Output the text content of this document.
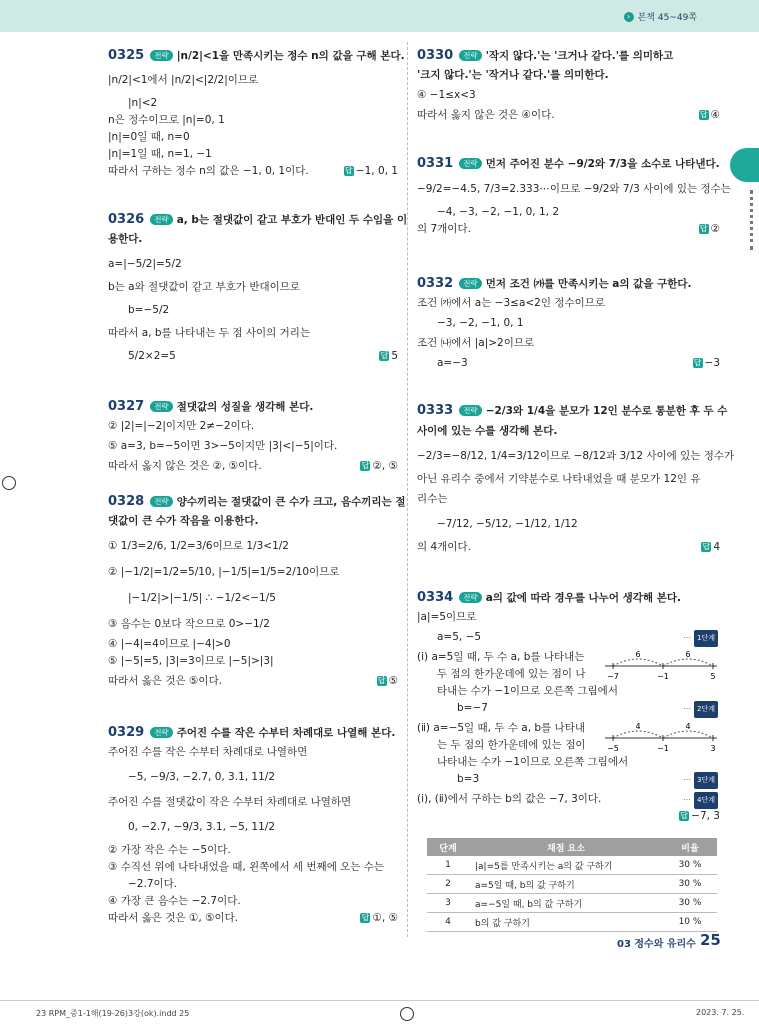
› 본책 45~49쪽
0325 전략 |n/2|<1을 만족시키는 정수 n의 값을 구해 본다.
|n/2|<1에서 |n/2|<|2/2|이므로
|n|<2
n은 정수이므로 |n|=0, 1
|n|=0일 때, n=0
|n|=1일 때, n=1, −1
따라서 구하는 정수 n의 값은 −1, 0, 1이다.	답 −1, 0, 1
0326 전략 a, b는 절댓값이 같고 부호가 반대인 두 수임을 이
용한다.
a=|−5/2|=5/2
b는 a와 절댓값이 같고 부호가 반대이므로
b=−5/2
따라서 a, b를 나타내는 두 점 사이의 거리는
5/2×2=5	답 5
0327 전략 절댓값의 성질을 생각해 본다.
② |2|=|−2|이지만 2≠−2이다.
⑤ a=3, b=−5이면 3>−5이지만 |3|<|−5|이다.
따라서 옳지 않은 것은 ②, ⑤이다.	답 ②, ⑤
0328 전략 양수끼리는 절댓값이 큰 수가 크고, 음수끼리는 절
댓값이 큰 수가 작음을 이용한다.
① 1/3=2/6, 1/2=3/6이므로 1/3<1/2
② |−1/2|=1/2=5/10, |−1/5|=1/5=2/10이므로
|−1/2|>|−1/5| ∴ −1/2<−1/5
③ 음수는 0보다 작으므로 0>−1/2
④ |−4|=4이므로 |−4|>0
⑤ |−5|=5, |3|=3이므로 |−5|>|3|
따라서 옳은 것은 ⑤이다.	답 ⑤
0329 전략 주어진 수를 작은 수부터 차례대로 나열해 본다.
주어진 수를 작은 수부터 차례대로 나열하면
−5, −9/3, −2.7, 0, 3.1, 11/2
주어진 수를 절댓값이 작은 수부터 차례대로 나열하면
0, −2.7, −9/3, 3.1, −5, 11/2
② 가장 작은 수는 −5이다.
③ 수직선 위에 나타내었을 때, 왼쪽에서 세 번째에 오는 수는
−2.7이다.
④ 가장 큰 음수는 −2.7이다.
따라서 옳은 것은 ①, ⑤이다.	답 ①, ⑤
0330 전략 '작지 않다.'는 '크거나 같다.'를 의미하고
'크지 않다.'는 '작거나 같다.'를 의미한다.
④ −1≤x<3
따라서 옳지 않은 것은 ④이다.	답 ④
0331 전략 먼저 주어진 분수 −9/2와 7/3을 소수로 나타낸다.
−9/2=−4.5, 7/3=2.333⋯이므로 −9/2와 7/3 사이에 있는 정수는
−4, −3, −2, −1, 0, 1, 2
의 7개이다.	답 ②
0332 전략 먼저 조건 ㈎를 만족시키는 a의 값을 구한다.
조건 ㈎에서 a는 −3≤a<2인 정수이므로
−3, −2, −1, 0, 1
조건 ㈏에서 |a|>2이므로
a=−3	답 −3
0333 전략 −2/3와 1/4을 분모가 12인 분수로 통분한 후 두 수
사이에 있는 수를 생각해 본다.
−2/3=−8/12, 1/4=3/12이므로 −8/12과 3/12 사이에 있는 정수가
아닌 유리수 중에서 기약분수로 나타내었을 때 분모가 12인 유
리수는
−7/12, −5/12, −1/12, 1/12
의 4개이다.	답 4
0334 전략 a의 값에 따라 경우를 나누어 생각해 본다.
|a|=5이므로
a=5, −5	⋯ 1단계
(ⅰ) a=5일 때, 두 수 a, b를 나타내는
두 점의 한가운데에 있는 점이 나
타내는 수가 −1이므로 오른쪽 그림에서
b=−7	⋯ 2단계
(ⅱ) a=−5일 때, 두 수 a, b를 나타내
는 두 점의 한가운데에 있는 점이
나타내는 수가 −1이므로 오른쪽 그림에서
b=3	⋯ 3단계
(ⅰ), (ⅱ)에서 구하는 b의 값은 −7, 3이다.	⋯ 4단계
답 −7, 3
6	6
−7	−1	5
4	4
−5	−1	3
단계	채점 요소	비율
1	|a|=5를 만족시키는 a의 값 구하기	30 %
2	a=5일 때, b의 값 구하기	30 %
3	a=−5일 때, b의 값 구하기	30 %
4	b의 값 구하기	10 %
03 정수와 유리수 25
23 RPM_중1-1해(19-26)3강(ok).indd 25	2023. 7. 25.
